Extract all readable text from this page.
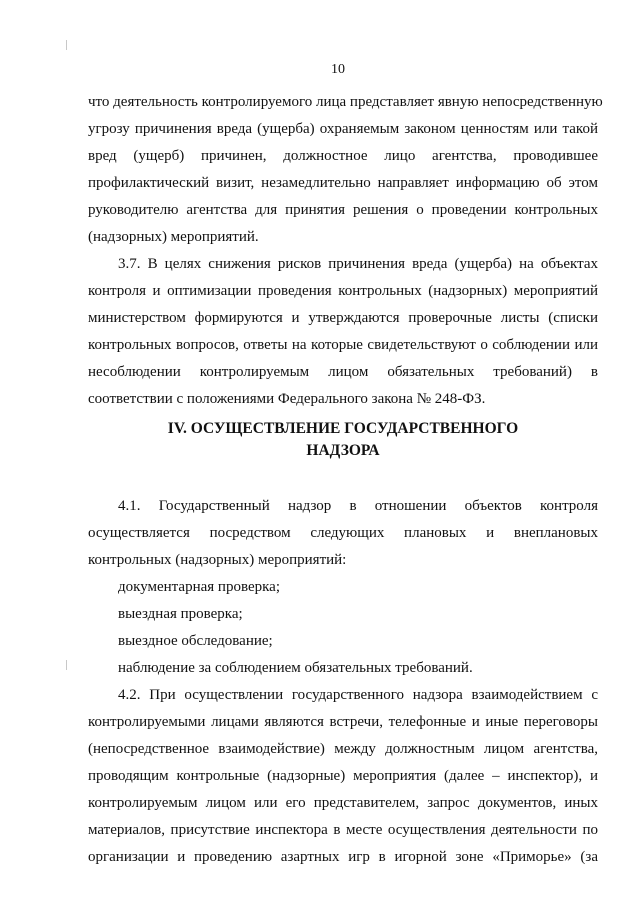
10
что деятельность контролируемого лица представляет явную непосредственную
угрозу причинения вреда (ущерба) охраняемым законом ценностям или такой
вред (ущерб) причинен, должностное лицо агентства, проводившее
профилактический визит, незамедлительно направляет информацию об этом
руководителю агентства для принятия решения о проведении контрольных
(надзорных) мероприятий.
3.7. В целях снижения рисков причинения вреда (ущерба) на объектах
контроля и оптимизации проведения контрольных (надзорных) мероприятий
министерством формируются и утверждаются проверочные листы (списки
контрольных вопросов, ответы на которые свидетельствуют о соблюдении или
несоблюдении контролируемым лицом обязательных требований) в
соответствии с положениями Федерального закона № 248-ФЗ.
IV. ОСУЩЕСТВЛЕНИЕ ГОСУДАРСТВЕННОГО
НАДЗОРА
4.1. Государственный надзор в отношении объектов контроля
осуществляется посредством следующих плановых и внеплановых
контрольных (надзорных) мероприятий:
документарная проверка;
выездная проверка;
выездное обследование;
наблюдение за соблюдением обязательных требований.
4.2. При осуществлении государственного надзора взаимодействием с
контролируемыми лицами являются встречи, телефонные и иные переговоры
(непосредственное взаимодействие) между должностным лицом агентства,
проводящим контрольные (надзорные) мероприятия (далее – инспектор), и
контролируемым лицом или его представителем, запрос документов, иных
материалов, присутствие инспектора в месте осуществления деятельности по
организации и проведению азартных игр в игорной зоне «Приморье» (за
